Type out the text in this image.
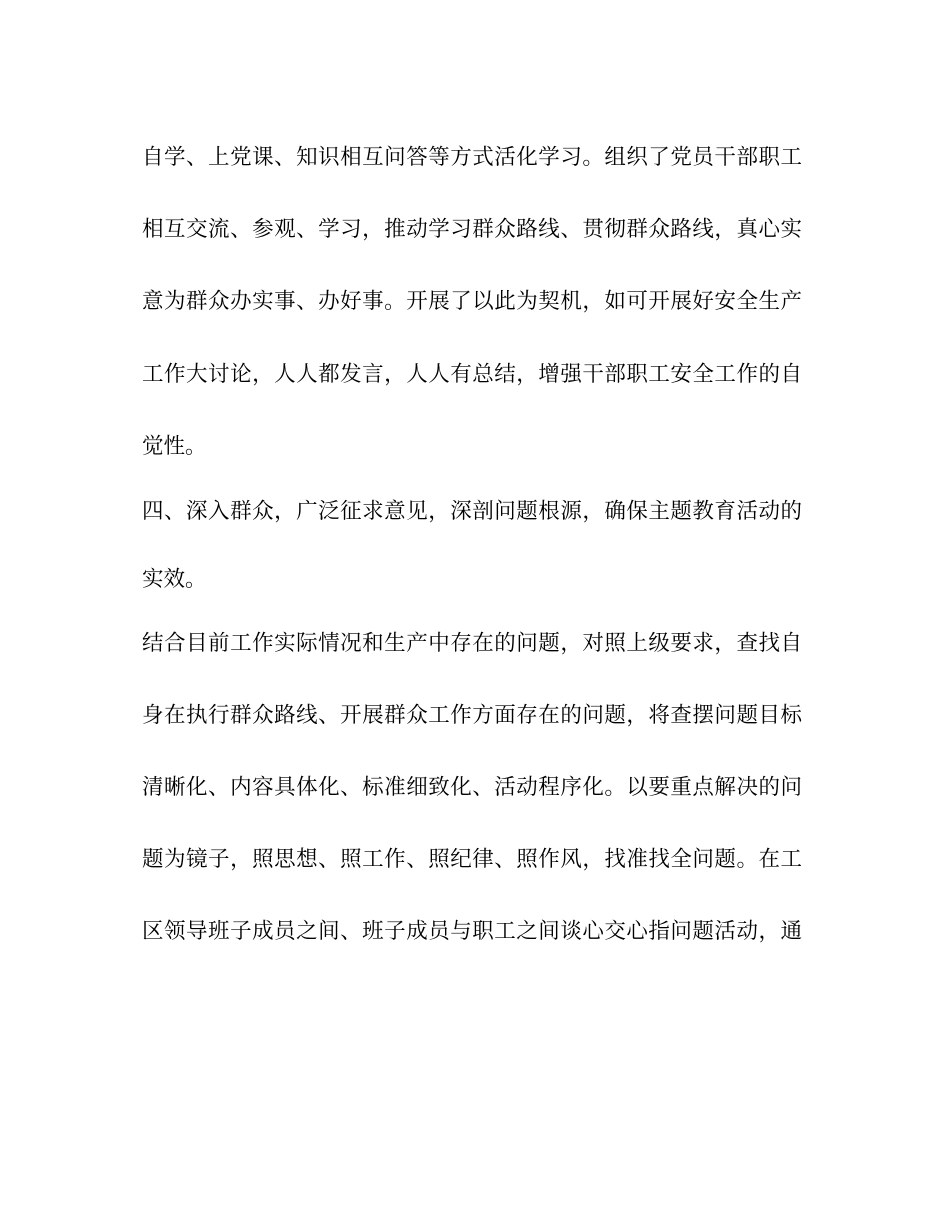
自学、上党课、知识相互问答等方式活化学习。组织了党员干部职工
相互交流、参观、学习，推动学习群众路线、贯彻群众路线，真心实
意为群众办实事、办好事。开展了以此为契机，如可开展好安全生产
工作大讨论，人人都发言，人人有总结，增强干部职工安全工作的自
觉性。
四、深入群众，广泛征求意见，深剖问题根源，确保主题教育活动的
实效。
结合目前工作实际情况和生产中存在的问题，对照上级要求，查找自
身在执行群众路线、开展群众工作方面存在的问题，将查摆问题目标
清晰化、内容具体化、标准细致化、活动程序化。以要重点解决的问
题为镜子，照思想、照工作、照纪律、照作风，找准找全问题。在工
区领导班子成员之间、班子成员与职工之间谈心交心指问题活动，通
